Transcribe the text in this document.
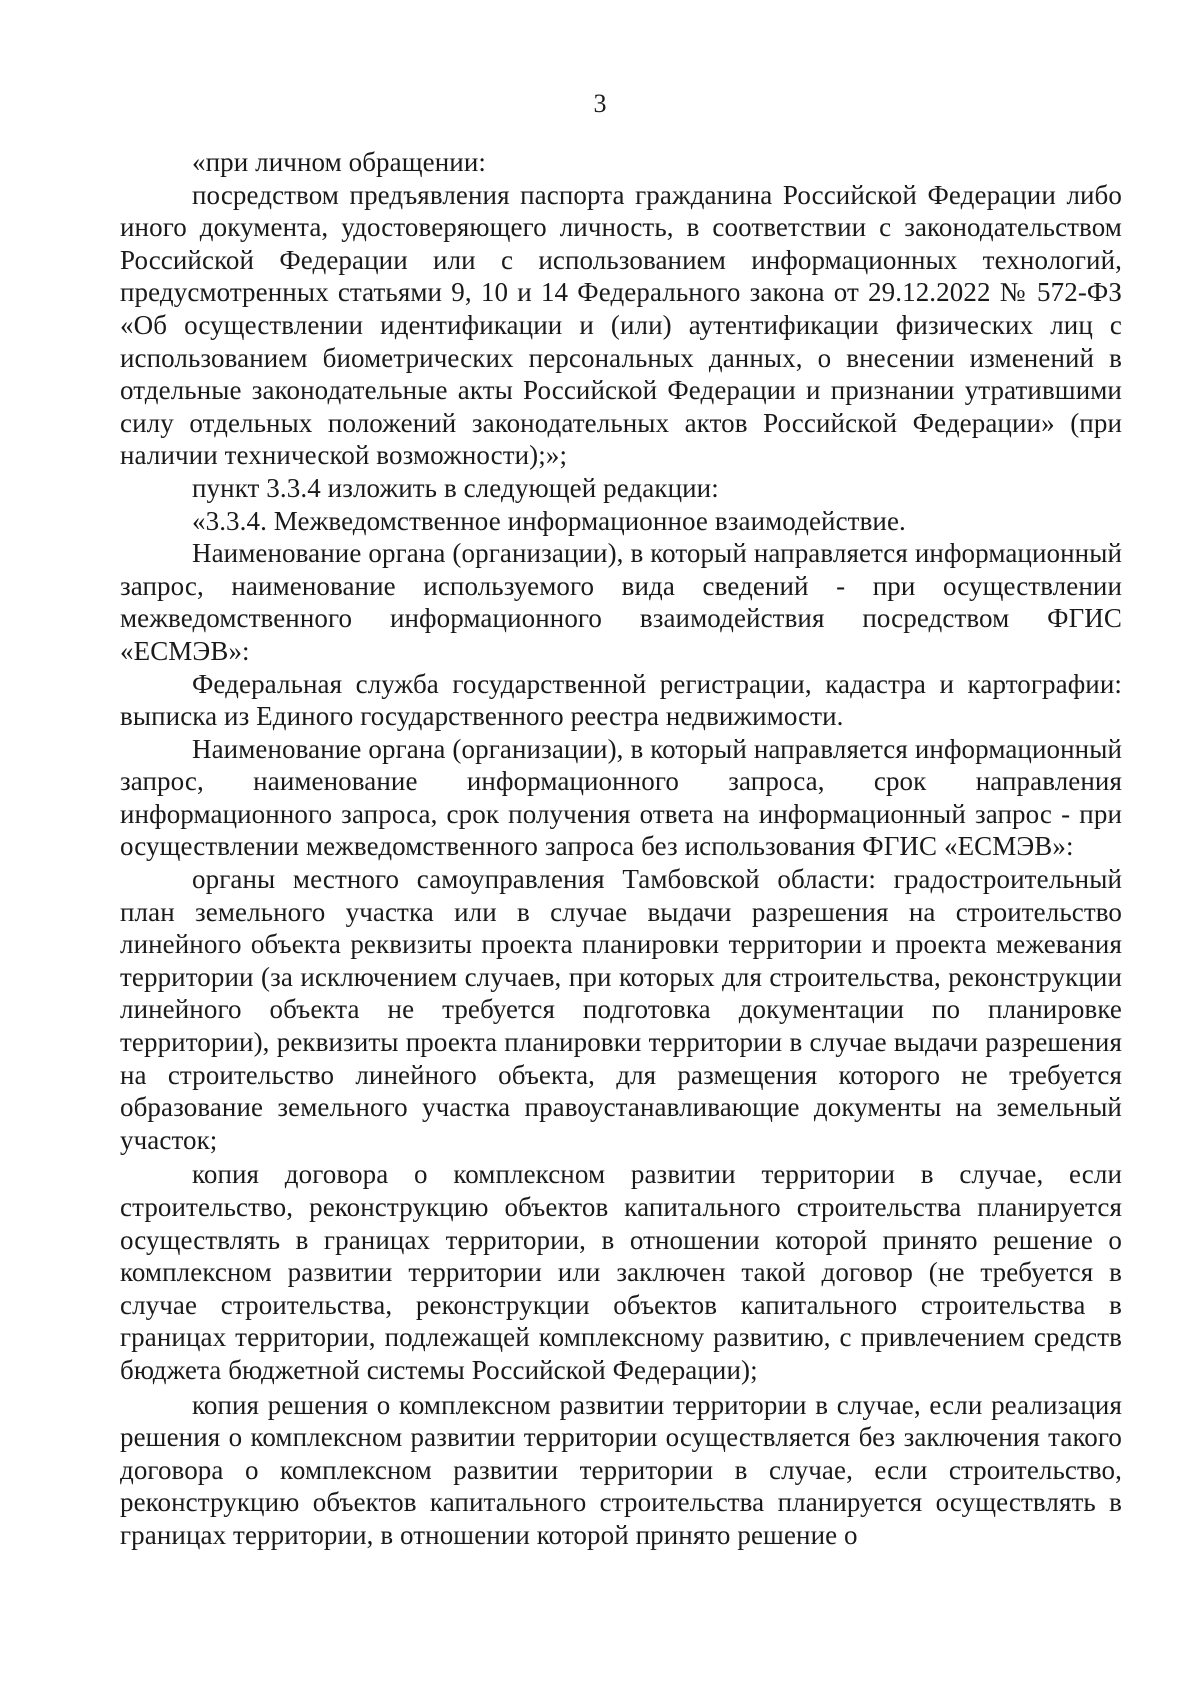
3

«при личном обращении:

посредством предъявления паспорта гражданина Российской Федерации либо иного документа, удостоверяющего личность, в соответствии с законодательством Российской Федерации или с использованием информационных технологий, предусмотренных статьями 9, 10 и 14 Федерального закона от 29.12.2022 № 572-ФЗ «Об осуществлении идентификации и (или) аутентификации физических лиц с использованием биометрических персональных данных, о внесении изменений в отдельные законодательные акты Российской Федерации и признании утратившими силу отдельных положений законодательных актов Российской Федерации» (при наличии технической возможности);»;

пункт 3.3.4 изложить в следующей редакции:

«3.3.4. Межведомственное информационное взаимодействие.

Наименование органа (организации), в который направляется информационный запрос, наименование используемого вида сведений - при осуществлении межведомственного информационного взаимодействия посредством ФГИС «ЕСМЭВ»:

Федеральная служба государственной регистрации, кадастра и картографии: выписка из Единого государственного реестра недвижимости.

Наименование органа (организации), в который направляется информационный запрос, наименование информационного запроса, срок направления информационного запроса, срок получения ответа на информационный запрос - при осуществлении межведомственного запроса без использования ФГИС «ЕСМЭВ»:

органы местного самоуправления Тамбовской области: градостроительный план земельного участка или в случае выдачи разрешения на строительство линейного объекта реквизиты проекта планировки территории и проекта межевания территории (за исключением случаев, при которых для строительства, реконструкции линейного объекта не требуется подготовка документации по планировке территории), реквизиты проекта планировки территории в случае выдачи разрешения на строительство линейного объекта, для размещения которого не требуется образование земельного участка правоустанавливающие документы на земельный участок;

копия договора о комплексном развитии территории в случае, если строительство, реконструкцию объектов капитального строительства планируется осуществлять в границах территории, в отношении которой принято решение о комплексном развитии территории или заключен такой договор (не требуется в случае строительства, реконструкции объектов капитального строительства в границах территории, подлежащей комплексному развитию, с привлечением средств бюджета бюджетной системы Российской Федерации);

копия решения о комплексном развитии территории в случае, если реализация решения о комплексном развитии территории осуществляется без заключения такого договора о комплексном развитии территории в случае, если строительство, реконструкцию объектов капитального строительства планируется осуществлять в границах территории, в отношении которой принято решение о
